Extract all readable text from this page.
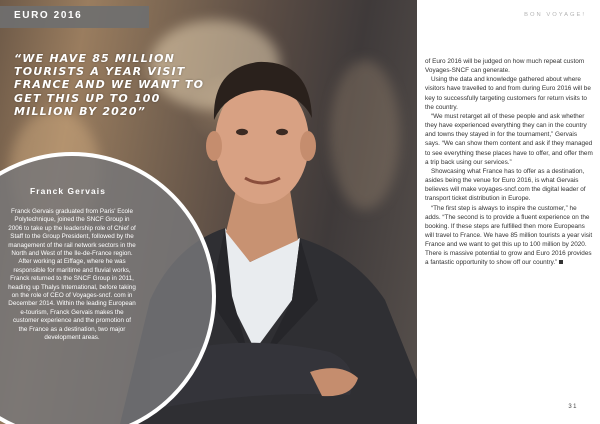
EURO 2016
“WE HAVE 85 MILLION TOURISTS A YEAR VISIT FRANCE AND WE WANT TO GET THIS UP TO 100 MILLION BY 2020”
Franck Gervais
Franck Gervais graduated from Paris' Ecole Polytechnique, joined the SNCF Group in 2006 to take up the leadership role of Chief of Staff to the Group President, followed by the management of the rail network sectors in the North and West of the Ile-de-France region. After working at Eiffage, where he was responsible for maritime and fluvial works, Franck returned to the SNCF Group in 2011, heading up Thalys International, before taking on the role of CEO of Voyages-sncf. com in December 2014. Within the leading European e-tourism, Franck Gervais makes the customer experience and the promotion of the France as a destination, two major development areas.
BON VOYAGE!

of Euro 2016 will be judged on how much repeat custom Voyages-SNCF can generate.

Using the data and knowledge gathered about where visitors have travelled to and from during Euro 2016 will be key to successfully targeting customers for return visits to the country.

“We must retarget all of these people and ask whether they have experienced everything they can in the country and towns they stayed in for the tournament,” Gervais says. “We can show them content and ask if they managed to see everything these places have to offer, and offer them a trip back using our services.”

Showcasing what France has to offer as a destination, asides being the venue for Euro 2016, is what Gervais believes will make voyages-sncf.com the digital leader of transport ticket distribution in Europe.

“The first step is always to inspire the customer,” he adds. “The second is to provide a fluent experience on the booking. If these steps are fulfilled then more Europeans will travel to France. We have 85 million tourists a year visit France and we want to get this up to 100 million by 2020. There is massive potential to grow and Euro 2016 provides a fantastic opportunity to show off our country.”

31
